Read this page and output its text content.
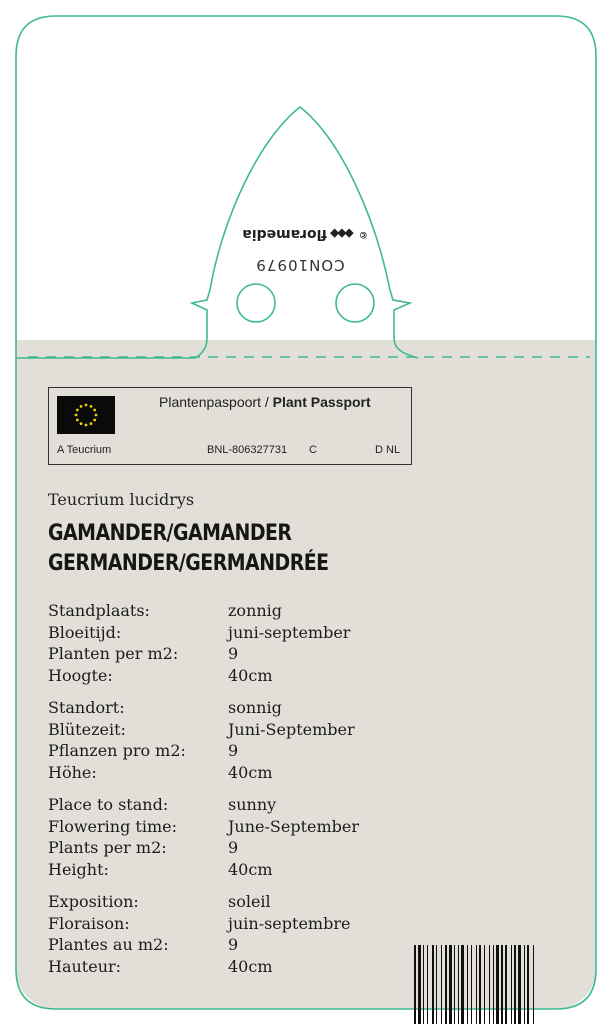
CON10979
©
◆◆◆
floramedia
Plantenpaspoort / Plant Passport
A Teucrium	BNL-806327731 C	D NL
Teucrium lucidrys
GAMANDER/GAMANDER
GERMANDER/GERMANDRÉE
Standplaats:	zonnig
Bloeitijd:	juni-september
Planten per m2:	9
Hoogte:	40cm
Standort:	sonnig
Blütezeit:	Juni-September
Pflanzen pro m2:	9
Höhe:	40cm
Place to stand:	sunny
Flowering time:	June-September
Plants per m2:	9
Height:	40cm
Exposition:	soleil
Floraison:	juin-septembre
Plantes au m2:	9
Hauteur:	40cm
